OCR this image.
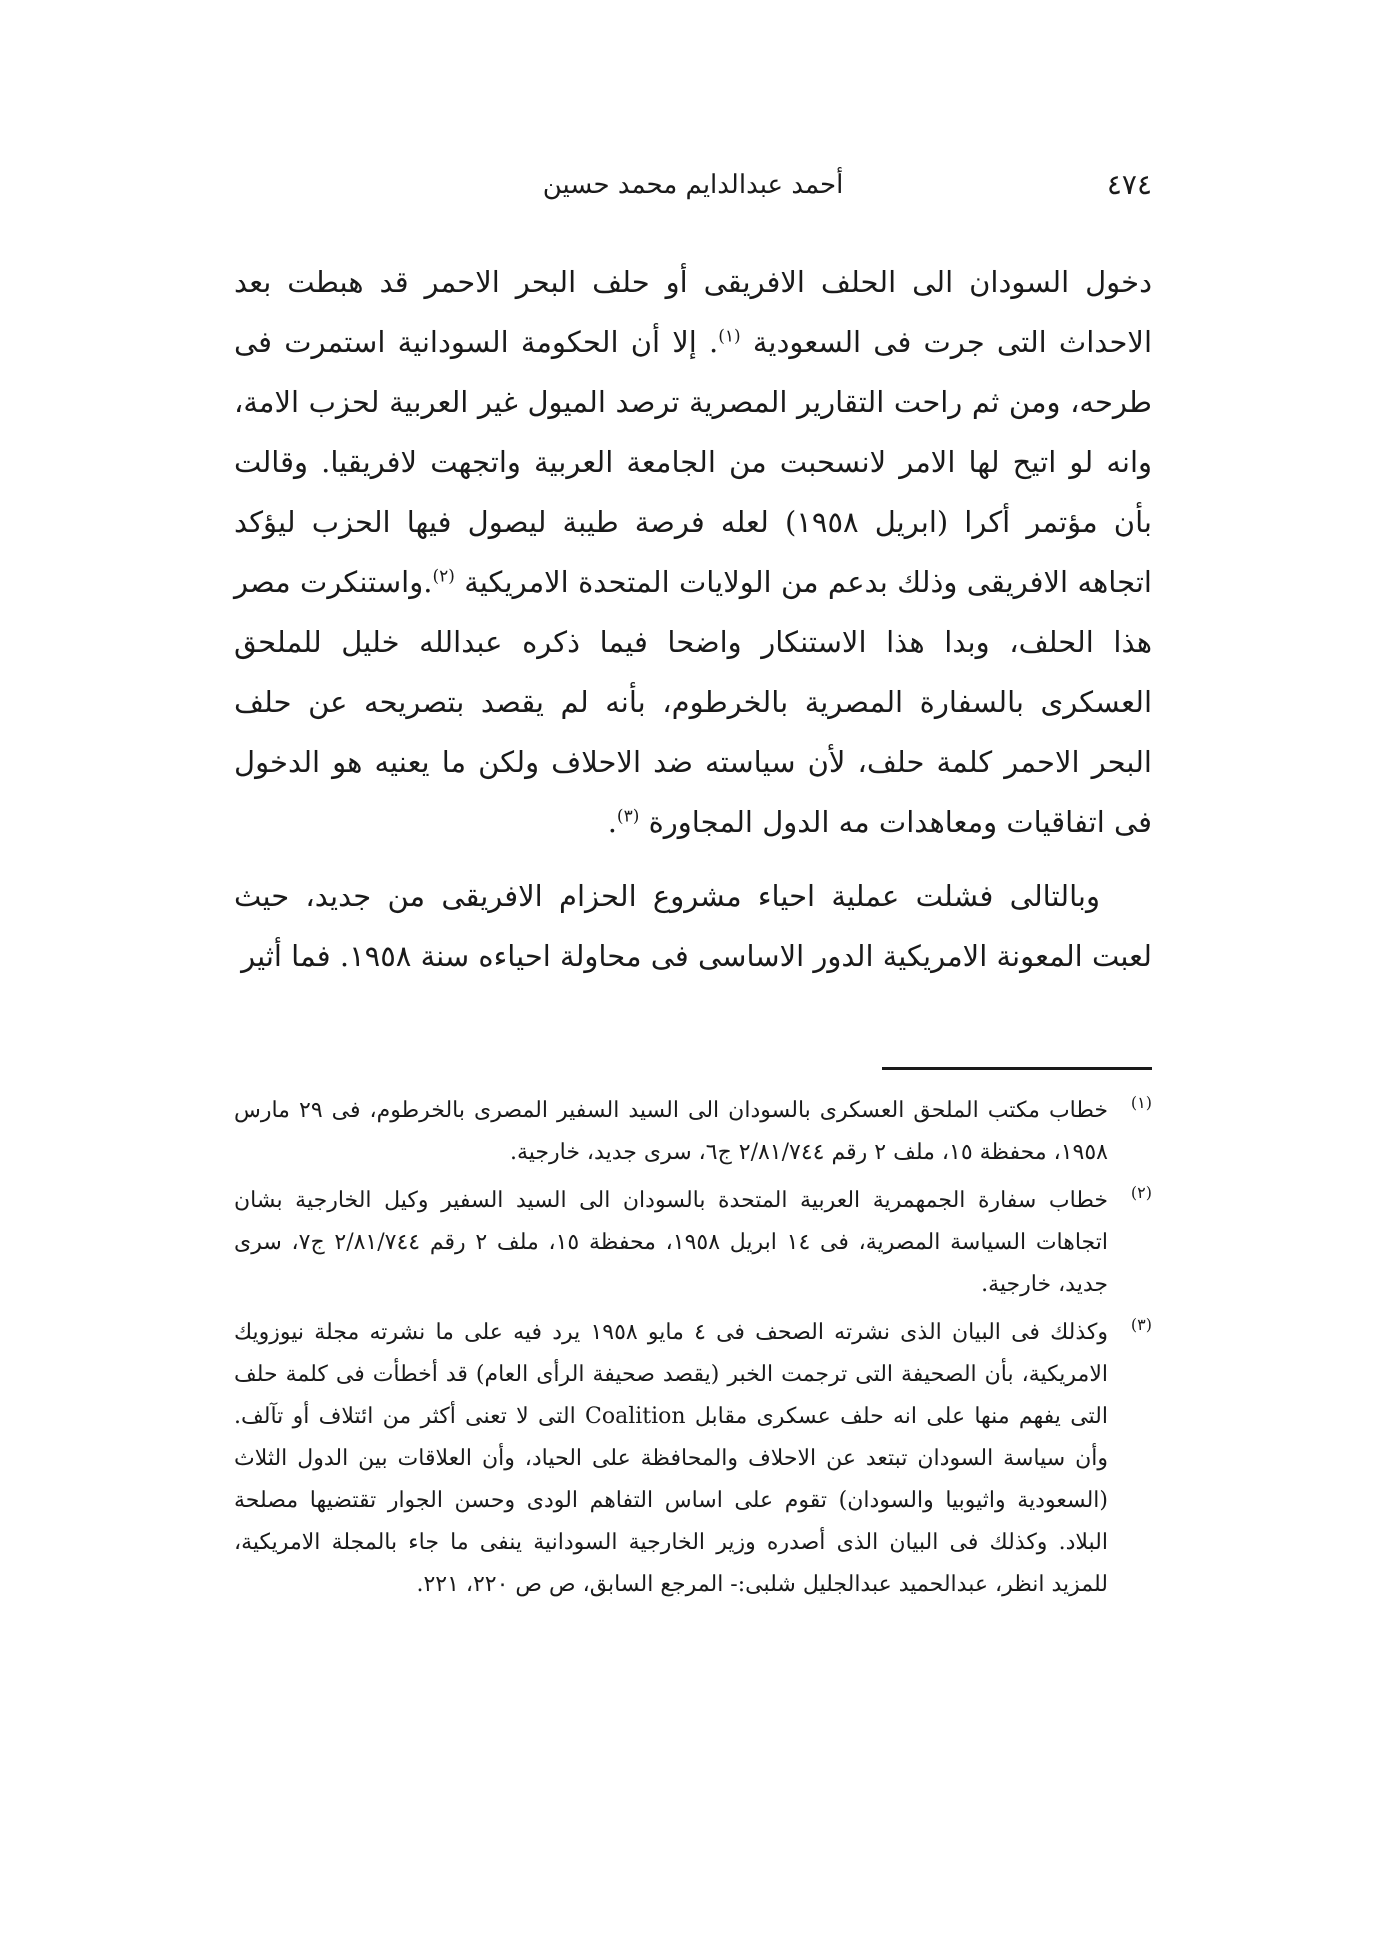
٤٧٤
أحمد عبدالدايم محمد حسين

دخول السودان الى الحلف الافريقى أو حلف البحر الاحمر قد هبطت بعد الاحداث التى جرت فى السعودية $^{(١)}$. إلا أن الحكومة السودانية استمرت فى طرحه، ومن ثم راحت التقارير المصرية ترصد الميول غير العربية لحزب الامة، وانه لو اتيح لها الامر لانسحبت من الجامعة العربية واتجهت لافريقيا. وقالت بأن مؤتمر أكرا (ابريل ١٩٥٨) لعله فرصة طيبة ليصول فيها الحزب ليؤكد اتجاهه الافريقى وذلك بدعم من الولايات المتحدة الامريكية $^{(٢)}$.واستنكرت مصر هذا الحلف، وبدا هذا الاستنكار واضحا فيما ذكره عبدالله خليل للملحق العسكرى بالسفارة المصرية بالخرطوم، بأنه لم يقصد بتصريحه عن حلف البحر الاحمر كلمة حلف، لأن سياسته ضد الاحلاف ولكن ما يعنيه هو الدخول فى اتفاقيات ومعاهدات مه الدول المجاورة $^{(٣)}$.

وبالتالى فشلت عملية احياء مشروع الحزام الافريقى من جديد، حيث لعبت المعونة الامريكية الدور الاساسى فى محاولة احياءه سنة ١٩٥٨. فما أثير

(١)
خطاب مكتب الملحق العسكرى بالسودان الى السيد السفير المصرى بالخرطوم، فى ٢٩ مارس ١٩٥٨، محفظة ١٥، ملف ٢ رقم ٢/٨١/٧٤٤ ج٦، سرى جديد، خارجية.
(٢)
خطاب سفارة الجمهمرية العربية المتحدة بالسودان الى السيد السفير وكيل الخارجية بشان اتجاهات السياسة المصرية، فى ١٤ ابريل ١٩٥٨، محفظة ١٥، ملف ٢ رقم ٢/٨١/٧٤٤ ج٧، سرى جديد، خارجية.
(٣)
وكذلك فى البيان الذى نشرته الصحف فى ٤ مايو ١٩٥٨ يرد فيه على ما نشرته مجلة نيوزويك الامريكية، بأن الصحيفة التى ترجمت الخبر (يقصد صحيفة الرأى العام) قد أخطأت فى كلمة حلف التى يفهم منها على انه حلف عسكرى مقابل Coalition التى لا تعنى أكثر من ائتلاف أو تآلف. وأن سياسة السودان تبتعد عن الاحلاف والمحافظة على الحياد، وأن العلاقات بين الدول الثلاث (السعودية واثيوبيا والسودان) تقوم على اساس التفاهم الودى وحسن الجوار تقتضيها مصلحة البلاد. وكذلك فى البيان الذى أصدره وزير الخارجية السودانية ينفى ما جاء بالمجلة الامريكية، للمزيد انظر، عبدالحميد عبدالجليل شلبى:- المرجع السابق، ص ص ٢٢٠، ٢٢١.
